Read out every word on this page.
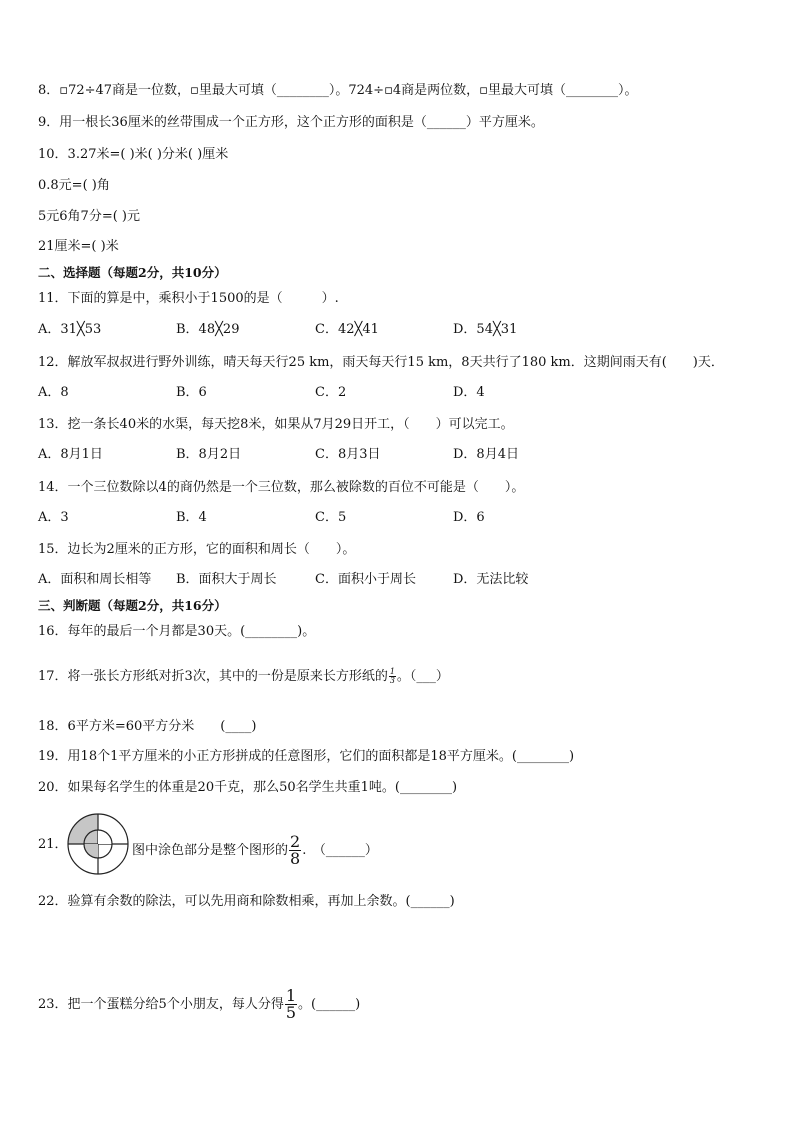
8．▫72÷47商是一位数，▫里最大可填（________）。724÷▫4商是两位数，▫里最大可填（________）。
9．用一根长36厘米的丝带围成一个正方形，这个正方形的面积是（______）平方厘米。
10．3.27米=( )米( )分米( )厘米
0.8元=( )角
5元6角7分=( )元
21厘米=( )米
二、选择题（每题2分，共10分）
11．下面的算是中，乘积小于1500的是（　　　）.
A．31╳53	B．48╳29	C．42╳41	D．54╳31
12．解放军叔叔进行野外训练，晴天每天行25 km，雨天每天行15 km，8天共行了180 km．这期间雨天有(　　)天．
A．8	B．6	C．2	D．4
13．挖一条长40米的水渠，每天挖8米，如果从7月29日开工，（　　）可以完工。
A．8月1日	B．8月2日	C．8月3日	D．8月4日
14．一个三位数除以4的商仍然是一个三位数，那么被除数的百位不可能是（　　）。
A．3	B．4	C．5	D．6
15．边长为2厘米的正方形，它的面积和周长（　　）。
A．面积和周长相等 B．面积大于周长	C．面积小于周长	D．无法比较
三、判断题（每题2分，共16分）
16．每年的最后一个月都是30天。(________)。
17．将一张长方形纸对折3次，其中的一份是原来长方形纸的 $\frac{1}{3}$ 。（___）
18．6平方米=60平方分米　　(____)
19．用18个1平方厘米的小正方形拼成的任意图形，它们的面积都是18平方厘米。(________)
20．如果每名学生的体重是20千克，那么50名学生共重1吨。(________)
21．	图中涂色部分是整个图形的 $\frac{2}{8}$ .　（______）
22．验算有余数的除法，可以先用商和除数相乘，再加上余数。(______)
23．把一个蛋糕分给5个小朋友，每人分得 $\frac{1}{5}$ 。(______)
